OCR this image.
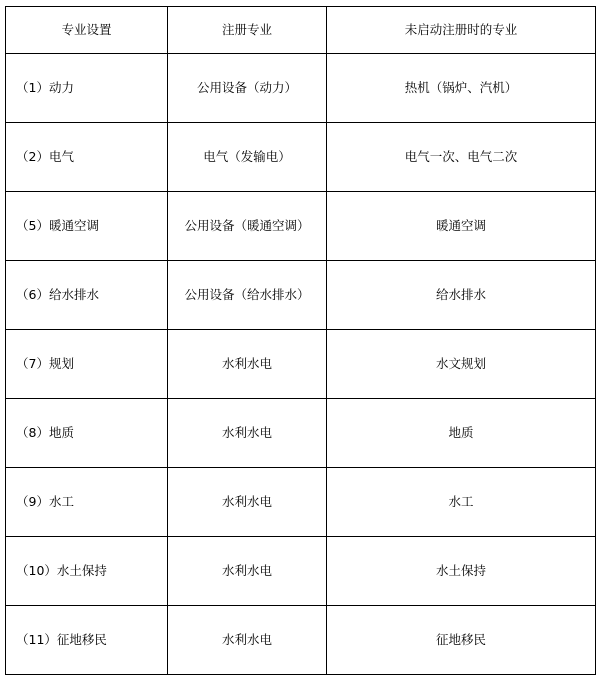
专业设置	注册专业	未启动注册时的专业
（1）动力	公用设备（动力）	热机（锅炉、汽机）
（2）电气	电气（发输电）	电气一次、电气二次
（5）暖通空调	公用设备（暖通空调）	暖通空调
（6）给水排水	公用设备（给水排水）	给水排水
（7）规划	水利水电	水文规划
（8）地质	水利水电	地质
（9）水工	水利水电	水工
（10）水土保持	水利水电	水土保持
（11）征地移民	水利水电	征地移民
